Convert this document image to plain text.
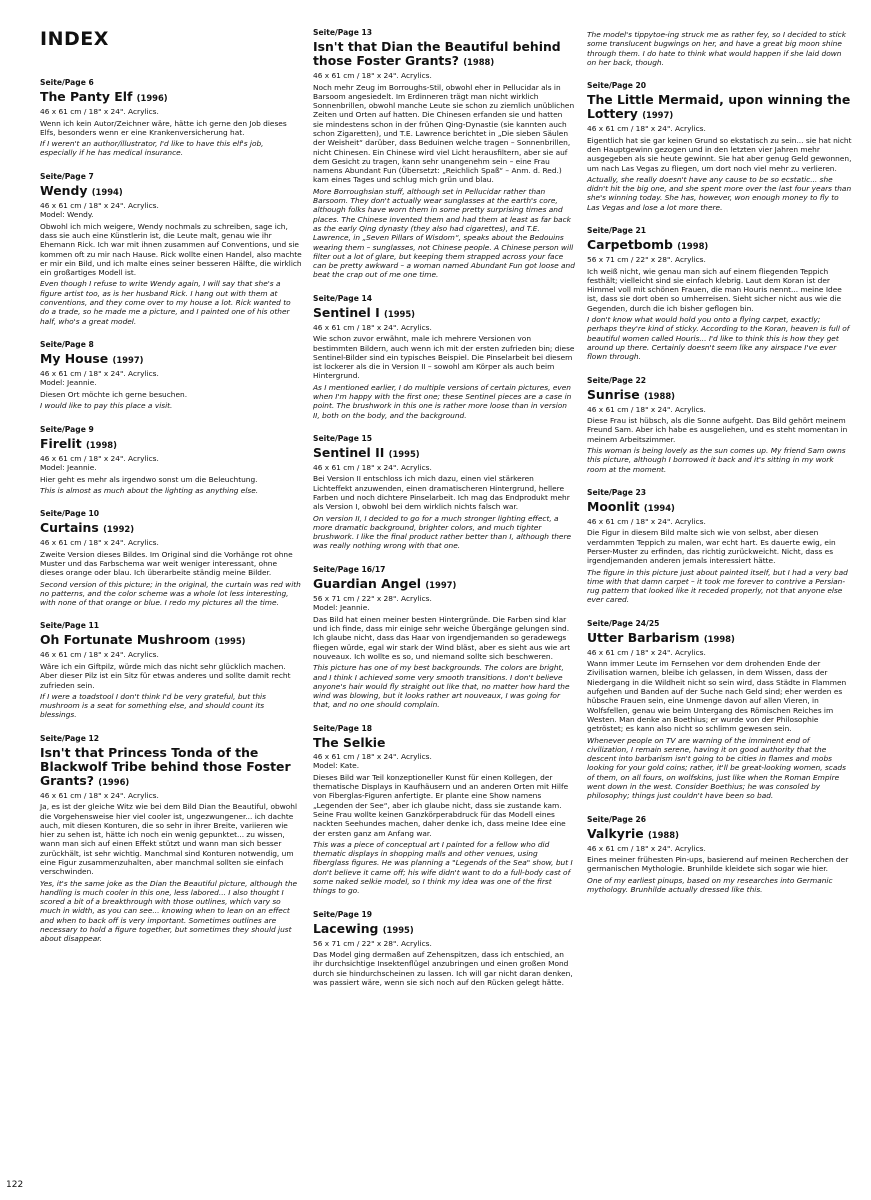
INDEX
Seite/Page 6
The Panty Elf (1996)
46 x 61 cm / 18" x 24". Acrylics.
Wenn ich kein Autor/Zeichner wäre, hätte ich gerne den Job dieses Elfs, besonders wenn er eine Krankenversicherung hat.
If I weren't an author/illustrator, I'd like to have this elf's job, especially if he has medical insurance.
Seite/Page 7
Wendy (1994)
46 x 61 cm / 18" x 24". Acrylics.
Model: Wendy.
Obwohl ich mich weigere, Wendy nochmals zu schreiben, sage ich, dass sie auch eine Künstlerin ist, die Leute malt, genau wie ihr Ehemann Rick. Ich war mit ihnen zusammen auf Conventions, und sie kommen oft zu mir nach Hause. Rick wollte einen Handel, also machte er mir ein Bild, und ich malte eines seiner besseren Hälfte, die wirklich ein großartiges Modell ist.
Even though I refuse to write Wendy again, I will say that she's a figure artist too, as is her husband Rick. I hang out with them at conventions, and they come over to my house a lot. Rick wanted to do a trade, so he made me a picture, and I painted one of his other half, who's a great model.
Seite/Page 8
My House (1997)
46 x 61 cm / 18" x 24". Acrylics.
Model: Jeannie.
Diesen Ort möchte ich gerne besuchen.
I would like to pay this place a visit.
Seite/Page 9
Firelit (1998)
46 x 61 cm / 18" x 24". Acrylics.
Model: Jeannie.
Hier geht es mehr als irgendwo sonst um die Beleuchtung.
This is almost as much about the lighting as anything else.
Seite/Page 10
Curtains (1992)
46 x 61 cm / 18" x 24". Acrylics.
Zweite Version dieses Bildes. Im Original sind die Vorhänge rot ohne Muster und das Farbschema war weit weniger interessant, ohne dieses orange oder blau. Ich überarbeite ständig meine Bilder.
Second version of this picture; in the original, the curtain was red with no patterns, and the color scheme was a whole lot less interesting, with none of that orange or blue. I redo my pictures all the time.
Seite/Page 11
Oh Fortunate Mushroom (1995)
46 x 61 cm / 18" x 24". Acrylics.
Wäre ich ein Giftpilz, würde mich das nicht sehr glücklich machen. Aber dieser Pilz ist ein Sitz für etwas anderes und sollte damit recht zufrieden sein.
If I were a toadstool I don't think I'd be very grateful, but this mushroom is a seat for something else, and should count its blessings.
Seite/Page 12
Isn't that Princess Tonda of the Blackwolf Tribe behind those Foster Grants? (1996)
46 x 61 cm / 18" x 24". Acrylics.
Ja, es ist der gleiche Witz wie bei dem Bild Dian the Beautiful, obwohl die Vorgehensweise hier viel cooler ist, ungezwungener... ich dachte auch, mit diesen Konturen, die so sehr in ihrer Breite, variieren wie hier zu sehen ist, hätte ich noch ein wenig gepunktet... zu wissen, wann man sich auf einen Effekt stützt und wann man sich besser zurückhält, ist sehr wichtig. Manchmal sind Konturen notwendig, um eine Figur zusammenzuhalten, aber manchmal sollten sie einfach verschwinden.
Yes, it's the same joke as the Dian the Beautiful picture, although the handling is much cooler in this one, less labored... I also thought I scored a bit of a breakthrough with those outlines, which vary so much in width, as you can see... knowing when to lean on an effect and when to back off is very important. Sometimes outlines are necessary to hold a figure together, but sometimes they should just about disappear.
Seite/Page 13
Isn't that Dian the Beautiful behind those Foster Grants? (1988)
46 x 61 cm / 18" x 24". Acrylics.
Noch mehr Zeug im Borroughs-Stil, obwohl eher in Pellucidar als in Barsoom angesiedelt. Im Erdinneren trägt man nicht wirklich Sonnenbrillen, obwohl manche Leute sie schon zu ziemlich unüblichen Zeiten und Orten auf hatten. Die Chinesen erfanden sie und hatten sie mindestens schon in der frühen Qing-Dynastie (sie kannten auch schon Zigaretten), und T.E. Lawrence berichtet in „Die sieben Säulen der Weisheit“ darüber, dass Beduinen welche tragen – Sonnenbrillen, nicht Chinesen. Ein Chinese wird viel Licht herausfiltern, aber sie auf dem Gesicht zu tragen, kann sehr unangenehm sein – eine Frau namens Abundant Fun (Übersetzt: „Reichlich Spaß“ – Anm. d. Red.) kam eines Tages und schlug mich grün und blau.
More Borroughsian stuff, although set in Pellucidar rather than Barsoom. They don't actually wear sunglasses at the earth's core, although folks have worn them in some pretty surprising times and places. The Chinese invented them and had them at least as far back as the early Qing dynasty (they also had cigarettes), and T.E. Lawrence, in „Seven Pillars of Wisdom“, speaks about the Bedouins wearing them – sunglasses, not Chinese people. A Chinese person will filter out a lot of glare, but keeping them strapped across your face can be pretty awkward – a woman named Abundant Fun got loose and beat the crap out of me one time.
Seite/Page 14
Sentinel I (1995)
46 x 61 cm / 18" x 24". Acrylics.
Wie schon zuvor erwähnt, male ich mehrere Versionen von bestimmten Bildern, auch wenn ich mit der ersten zufrieden bin; diese Sentinel-Bilder sind ein typisches Beispiel. Die Pinselarbeit bei diesem ist lockerer als die in Version II – sowohl am Körper als auch beim Hintergrund.
As I mentioned earlier, I do multiple versions of certain pictures, even when I'm happy with the first one; these Sentinel pieces are a case in point. The brushwork in this one is rather more loose than in version II, both on the body, and the background.
Seite/Page 15
Sentinel II (1995)
46 x 61 cm / 18" x 24". Acrylics.
Bei Version II entschloss ich mich dazu, einen viel stärkeren Lichteffekt anzuwenden, einen dramatischeren Hintergrund, hellere Farben und noch dichtere Pinselarbeit. Ich mag das Endprodukt mehr als Version I, obwohl bei dem wirklich nichts falsch war.
On version II, I decided to go for a much stronger lighting effect, a more dramatic background, brighter colors, and much tighter brushwork. I like the final product rather better than I, although there was really nothing wrong with that one.
Seite/Page 16/17
Guardian Angel (1997)
56 x 71 cm / 22" x 28". Acrylics.
Model: Jeannie.
Das Bild hat einen meiner besten Hintergründe. Die Farben sind klar und ich finde, dass mir einige sehr weiche Übergänge gelungen sind. Ich glaube nicht, dass das Haar von irgendjemanden so geradewegs fliegen würde, egal wir stark der Wind bläst, aber es sieht aus wie art nouveaux. Ich wollte es so, und niemand sollte sich beschweren.
This picture has one of my best backgrounds. The colors are bright, and I think I achieved some very smooth transitions. I don't believe anyone's hair would fly straight out like that, no matter how hard the wind was blowing, but it looks rather art nouveaux, I was going for that, and no one should complain.
Seite/Page 18
The Selkie
46 x 61 cm / 18" x 24". Acrylics.
Model: Kate.
Dieses Bild war Teil konzeptioneller Kunst für einen Kollegen, der thematische Displays in Kaufhäusern und an anderen Orten mit Hilfe von Fiberglas-Figuren anfertigte. Er plante eine Show namens „Legenden der See“, aber ich glaube nicht, dass sie zustande kam. Seine Frau wollte keinen Ganzkörperabdruck für das Modell eines nackten Seehundes machen, daher denke ich, dass meine Idee eine der ersten ganz am Anfang war.
This was a piece of conceptual art I painted for a fellow who did thematic displays in shopping malls and other venues, using fiberglass figures. He was planning a "Legends of the Sea" show, but I don't believe it came off; his wife didn't want to do a full-body cast of some naked selkie model, so I think my idea was one of the first things to go.
Seite/Page 19
Lacewing (1995)
56 x 71 cm / 22" x 28". Acrylics.
Das Model ging dermaßen auf Zehenspitzen, dass ich entschied, an ihr durchsichtige Insektenflügel anzubringen und einen großen Mond durch sie hindurchscheinen zu lassen. Ich will gar nicht daran denken, was passiert wäre, wenn sie sich noch auf den Rücken gelegt hätte.
The model's tippytoe-ing struck me as rather fey, so I decided to stick some translucent bugwings on her, and have a great big moon shine through them. I do hate to think what would happen if she laid down on her back, though.
Seite/Page 20
The Little Mermaid, upon winning the Lottery (1997)
46 x 61 cm / 18" x 24". Acrylics.
Eigentlich hat sie gar keinen Grund so ekstatisch zu sein... sie hat nicht den Hauptgewinn gezogen und in den letzten vier Jahren mehr ausgegeben als sie heute gewinnt. Sie hat aber genug Geld gewonnen, um nach Las Vegas zu fliegen, um dort noch viel mehr zu verlieren.
Actually, she really doesn't have any cause to be so ecstatic... she didn't hit the big one, and she spent more over the last four years than she's winning today. She has, however, won enough money to fly to Las Vegas and lose a lot more there.
Seite/Page 21
Carpetbomb (1998)
56 x 71 cm / 22" x 28". Acrylics.
Ich weiß nicht, wie genau man sich auf einem fliegenden Teppich festhält; vielleicht sind sie einfach klebrig. Laut dem Koran ist der Himmel voll mit schönen Frauen, die man Houris nennt... meine Idee ist, dass sie dort oben so umherreisen. Sieht sicher nicht aus wie die Gegenden, durch die ich bisher geflogen bin.
I don't know what would hold you onto a flying carpet, exactly; perhaps they're kind of sticky. According to the Koran, heaven is full of beautiful women called Houris... I'd like to think this is how they get around up there. Certainly doesn't seem like any airspace I've ever flown through.
Seite/Page 22
Sunrise (1988)
46 x 61 cm / 18" x 24". Acrylics.
Diese Frau ist hübsch, als die Sonne aufgeht. Das Bild gehört meinem Freund Sam. Aber ich habe es ausgeliehen, und es steht momentan in meinem Arbeitszimmer.
This woman is being lovely as the sun comes up. My friend Sam owns this picture, although I borrowed it back and it's sitting in my work room at the moment.
Seite/Page 23
Moonlit (1994)
46 x 61 cm / 18" x 24". Acrylics.
Die Figur in diesem Bild malte sich wie von selbst, aber diesen verdammten Teppich zu malen, war echt hart. Es dauerte ewig, ein Perser-Muster zu erfinden, das richtig zurückweicht. Nicht, dass es irgendjemanden anderen jemals interessiert hätte.
The figure in this picture just about painted itself, but I had a very bad time with that damn carpet – it took me forever to contrive a Persian-rug pattern that looked like it receded properly, not that anyone else ever cared.
Seite/Page 24/25
Utter Barbarism (1998)
46 x 61 cm / 18" x 24". Acrylics.
Wann immer Leute im Fernsehen vor dem drohenden Ende der Zivilisation warnen, bleibe ich gelassen, in dem Wissen, dass der Niedergang in die Wildheit nicht so sein wird, dass Städte in Flammen aufgehen und Banden auf der Suche nach Geld sind; eher werden es hübsche Frauen sein, eine Unmenge davon auf allen Vieren, in Wolfsfellen, genau wie beim Untergang des Römischen Reiches im Westen. Man denke an Boethius; er wurde von der Philosophie getröstet; es kann also nicht so schlimm gewesen sein.
Whenever people on TV are warning of the imminent end of civilization, I remain serene, having it on good authority that the descent into barbarism isn't going to be cities in flames and mobs looking for your gold coins; rather, it'll be great-looking women, scads of them, on all fours, on wolfskins, just like when the Roman Empire went down in the west. Consider Boethius; he was consoled by philosophy; things just couldn't have been so bad.
Seite/Page 26
Valkyrie (1988)
46 x 61 cm / 18" x 24". Acrylics.
Eines meiner frühesten Pin-ups, basierend auf meinen Recherchen der germanischen Mythologie. Brunhilde kleidete sich sogar wie hier.
One of my earliest pinups, based on my researches into Germanic mythology. Brunhilde actually dressed like this.
122
